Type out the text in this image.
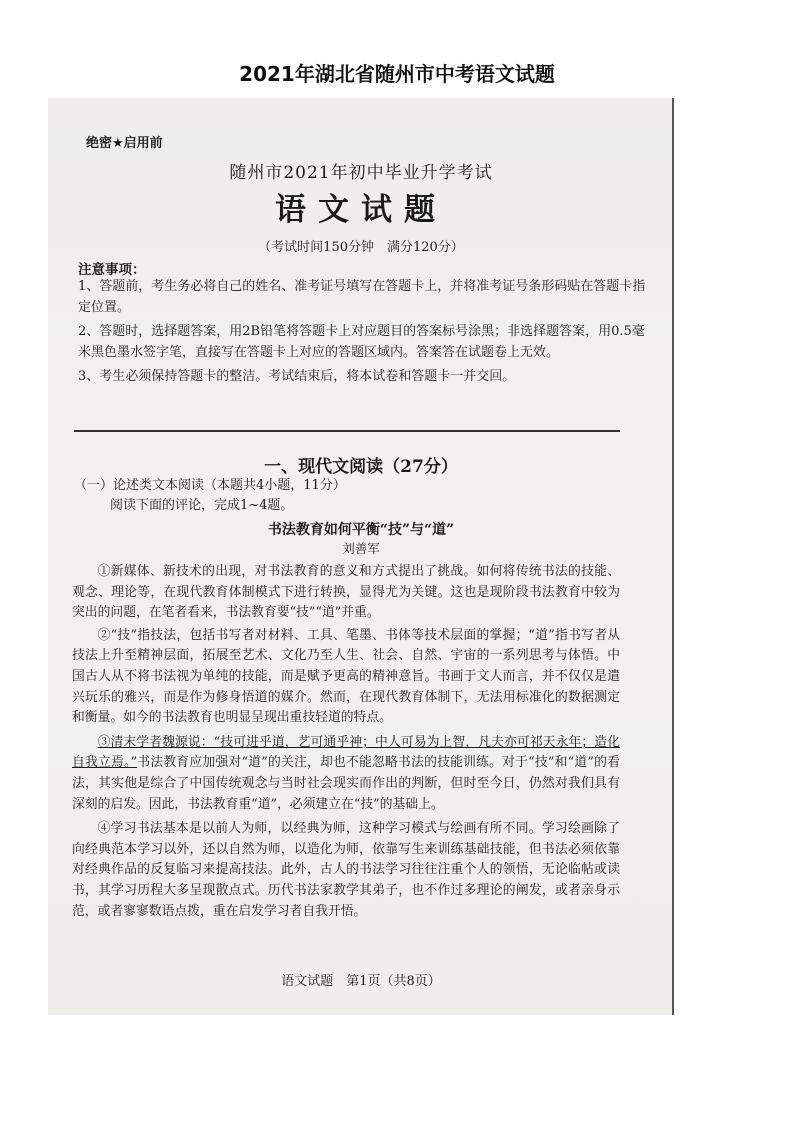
2021年湖北省随州市中考语文试题
绝密★启用前
随州市2021年初中毕业升学考试
语文试题
（考试时间150分钟　满分120分）
注意事项：
1、答题前，考生务必将自己的姓名、准考证号填写在答题卡上，并将准考证号条形码贴在答题卡指定位置。
2、答题时，选择题答案，用2B铅笔将答题卡上对应题目的答案标号涂黑；非选择题答案，用0.5毫米黑色墨水签字笔，直接写在答题卡上对应的答题区域内。答案答在试题卷上无效。
3、考生必须保持答题卡的整洁。考试结束后，将本试卷和答题卡一并交回。
一、现代文阅读（27分）
（一）论述类文本阅读（本题共4小题，11分）
阅读下面的评论，完成1~4题。
书法教育如何平衡“技”与“道”
刘善军

①新媒体、新技术的出现，对书法教育的意义和方式提出了挑战。如何将传统书法的技能、观念、理论等，在现代教育体制模式下进行转换，显得尤为关键。这也是现阶段书法教育中较为突出的问题，在笔者看来，书法教育要“技”“道”并重。

②“技”指技法，包括书写者对材料、工具、笔墨、书体等技术层面的掌握；“道”指书写者从技法上升至精神层面，拓展至艺术、文化乃至人生、社会、自然、宇宙的一系列思考与体悟。中国古人从不将书法视为单纯的技能，而是赋予更高的精神意旨。书画于文人而言，并不仅仅是遣兴玩乐的雅兴，而是作为修身悟道的媒介。然而，在现代教育体制下，无法用标准化的数据测定和衡量。如今的书法教育也明显呈现出重技轻道的特点。

③清末学者魏源说：“技可进乎道，艺可通乎神；中人可易为上智，凡夫亦可祁天永年；造化自我立焉。”书法教育应加强对“道”的关注，却也不能忽略书法的技能训练。对于“技”和“道”的看法，其实他是综合了中国传统观念与当时社会现实而作出的判断，但时至今日，仍然对我们具有深刻的启发。因此，书法教育重“道”，必须建立在“技”的基础上。

④学习书法基本是以前人为师，以经典为师，这种学习模式与绘画有所不同。学习绘画除了向经典范本学习以外，还以自然为师，以造化为师，依靠写生来训练基础技能，但书法必须依靠对经典作品的反复临习来提高技法。此外，古人的书法学习往往注重个人的领悟，无论临帖或读书，其学习历程大多呈现散点式。历代书法家教学其弟子，也不作过多理论的阐发，或者亲身示范，或者寥寥数语点拨，重在启发学习者自我开悟。

语文试题　第1页（共8页）
